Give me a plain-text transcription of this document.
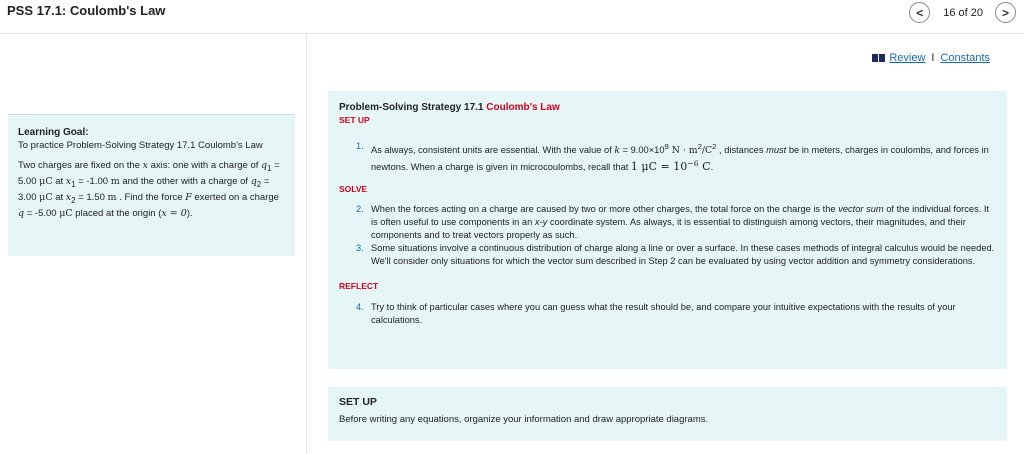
PSS 17.1: Coulomb's Law	< 16 of 20 >
Learning Goal:
To practice Problem-Solving Strategy 17.1 Coulomb's Law
Two charges are fixed on the x axis: one with a charge of $q_1 = 5.00$ μC at $x_1 = -1.00$ m and the other with a charge of $q_2 = 3.00$ μC at $x_2 = 1.50$ m . Find the force F exerted on a charge q = -5.00 μC placed at the origin (x = 0).
Review I Constants
Problem-Solving Strategy 17.1 Coulomb's Law
SET UP
1. As always, consistent units are essential. With the value of $k = 9.00\times 10^9$ $N \cdot m^2/C^2$ , distances must be in meters, charges in coulombs, and forces in newtons. When a charge is given in microcoulombs, recall that 1 $\mu C = 10^{-6}$ C.
SOLVE
2. When the forces acting on a charge are caused by two or more other charges, the total force on the charge is the vector sum of the individual forces. It is often useful to use components in an x-y coordinate system. As always, it is essential to distinguish among vectors, their magnitudes, and their components and to treat vectors properly as such.
3. Some situations involve a continuous distribution of charge along a line or over a surface. In these cases methods of integral calculus would be needed. We'll consider only situations for which the vector sum described in Step 2 can be evaluated by using vector addition and symmetry considerations.
REFLECT
4. Try to think of particular cases where you can guess what the result should be, and compare your intuitive expectations with the results of your calculations.
SET UP
Before writing any equations, organize your information and draw appropriate diagrams.
